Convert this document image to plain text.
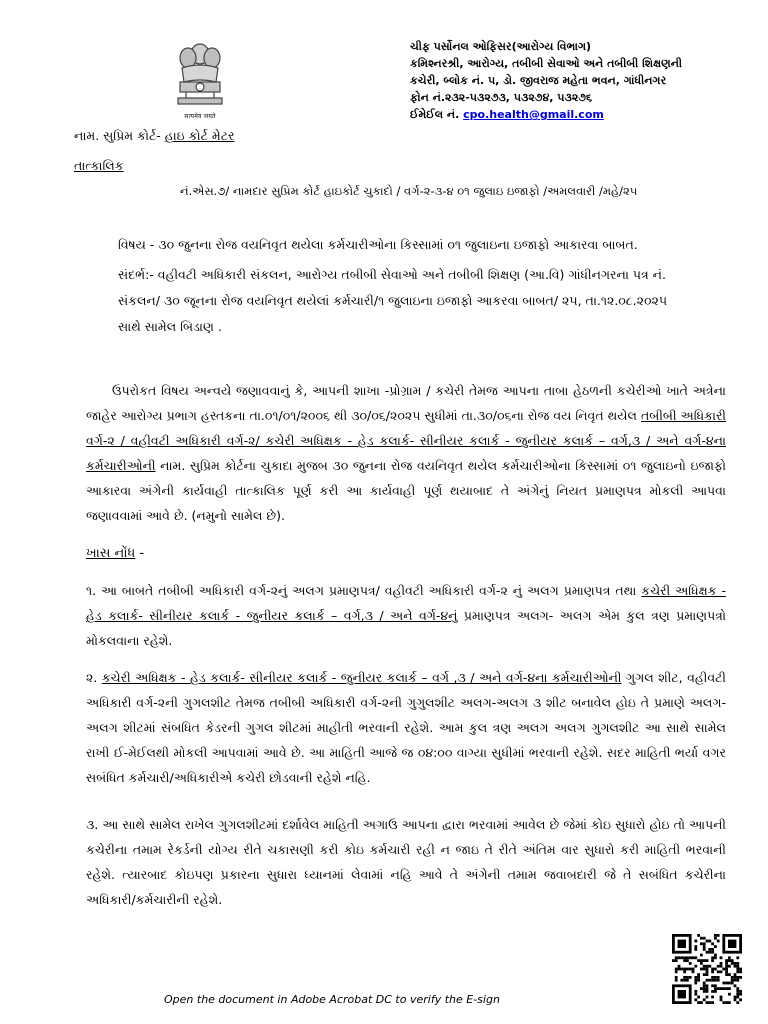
सत्यमेव जयते
ચીફ પર્સોનલ ઓફિસર(આરોગ્ય વિભાગ)
કમિશ્નરશ્રી, આરોગ્ય, તબીબી સેવાઓ અને તબીબી શિક્ષણની
કચેરી, બ્લોક નં. ૫, ડો. જીવરાજ મહેતા ભવન, ગાંધીનગર
ફોન નં.૨૩૨-૫૩૨૭૩, ૫૩૨૭૪, ૫૩૨૭૬
ઈમેઈલ નં. cpo.health@gmail.com
નામ. સુપ્રિમ કોર્ટ- હાઇ કોર્ટ મેટર
તાત્કાલિક
નં.એસ.૭/ નામદાર સુપ્રિમ કોર્ટ હાઇકોર્ટ ચુકાદો / વર્ગ-૨-૩-૪ ૦૧ જુલાઇ ઇજાફો /અમલવારી /મહે/૨૫
વિષય - ૩૦ જુનના રોજ વયનિવૃત થયેલા કર્મચારીઓના કિસ્સામાં ૦૧ જુલાઇના ઇજાફો આકારવા બાબત.
સંદર્ભ:- વહીવટી અધિકારી સંકલન, આરોગ્ય તબીબી સેવાઓ અને તબીબી શિક્ષણ (આ.વિ) ગાંધીનગરના પત્ર નં.
સંકલન/ ૩૦ જૂનના રોજ વયનિવૃત થયેલાં કર્મચારી/૧ જુલાઇના ઇજાફો આકરવા બાબત/ ૨૫, તા.૧૨.૦૮.૨૦૨૫
સાથે સામેલ બિડાણ .

ઉપરોકત વિષય અન્વયે જણાવવાનું કે, આપની શાખા -પ્રોગ્રામ / કચેરી તેમજ આપના તાબા હેઠળની કચેરીઓ ખાતે અત્રેના જાહેર આરોગ્ય પ્રભાગ હસ્તકના તા.૦૧/૦૧/૨૦૦૬ થી ૩૦/૦૬/૨૦૨૫ સુધીમાં તા.૩૦/૦૬ના રોજ વય નિવૃત થયેલ તબીબી અધિકારી વર્ગ-૨ / વહીવટી અધિકારી વર્ગ-૨/ કચેરી અધિક્ષક - હેડ કલાર્ક- સીનીયર કલાર્ક - જુનીયર કલાર્ક – વર્ગ,૩ / અને વર્ગ-૪ના કર્મચારીઓની નામ. સુપ્રિમ કોર્ટના ચુકાદા મુજબ ૩૦ જુનના રોજ વયનિવૃત થયેલ કર્મચારીઓના કિસ્સામાં ૦૧ જુલાઇનો ઇજાફો આકારવા અંગેની કાર્યવાહી તાત્કાલિક પૂર્ણ કરી આ કાર્યવાહી પૂર્ણ થયાબાદ તે અંગેનું નિયત પ્રમાણપત્ર મોકલી આપવા જણાવવામાં આવે છે. (નમુનો સામેલ છે).

ખાસ નોંધ -

૧. આ બાબતે તબીબી અધિકારી વર્ગ-૨નું અલગ પ્રમાણપત્ર/ વહીવટી અધિકારી વર્ગ-૨ નું અલગ પ્રમાણપત્ર તથા કચેરી અધિક્ષક - હેડ કલાર્ક- સીનીયર કલાર્ક - જુનીયર કલાર્ક – વર્ગ,૩ / અને વર્ગ-૪નું પ્રમાણપત્ર અલગ- અલગ એમ કુલ ત્રણ પ્રમાણપત્રો મોકલવાના રહેશે.

૨. કચેરી અધિક્ષક - હેડ કલાર્ક- સીનીયર કલાર્ક - જુનીયર કલાર્ક – વર્ગ ,૩ / અને વર્ગ-૪ના કર્મચારીઓની ગુગલ શીટ, વહીવટી અધિકારી વર્ગ-૨ની ગુગલશીટ તેમજ તબીબી અધિકારી વર્ગ-૨ની ગુગુલશીટ અલગ-અલગ ૩ શીટ બનાવેલ હોઇ તે પ્રમાણે અલગ- અલગ શીટમાં સંબધિત કેડરની ગુગલ શીટમાં માહીતી ભરવાની રહેશે. આમ કુલ ત્રણ અલગ અલગ ગુગલશીટ આ સાથે સામેલ રાખી ઈ-મેઈલથી મોકલી આપવામાં આવે છે. આ માહિતી આજે જ ૦૪:૦૦ વાગ્યા સુધીમાં ભરવાની રહેશે. સદર માહિતી ભર્યા વગર સબંધિત કર્મચારી/અધિકારીએ કચેરી છોડવાની રહેશે નહિ.

૩. આ સાથે સામેલ રાખેલ ગુગલશીટમાં દર્શાવેલ માહિતી અગાઉ આપના દ્વારા ભરવામાં આવેલ છે જેમાં કોઇ સુધારો હોઇ તો આપની કચેરીના તમામ રેકર્ડની યોગ્ય રીતે ચકાસણી કરી કોઇ કર્મચારી રહી ન જાઇ તે રીતે અંતિમ વાર સુધારો કરી માહિતી ભરવાની રહેશે. ત્યારબાદ કોઇપણ પ્રકારના સુધારા ધ્યાનમાં લેવામાં નહિ આવે તે અંગેની તમામ જવાબદારી જે તે સબંધિત કચેરીના અધિકારી/કર્મચારીની રહેશે.

Open the document in Adobe Acrobat DC to verify the E-sign
